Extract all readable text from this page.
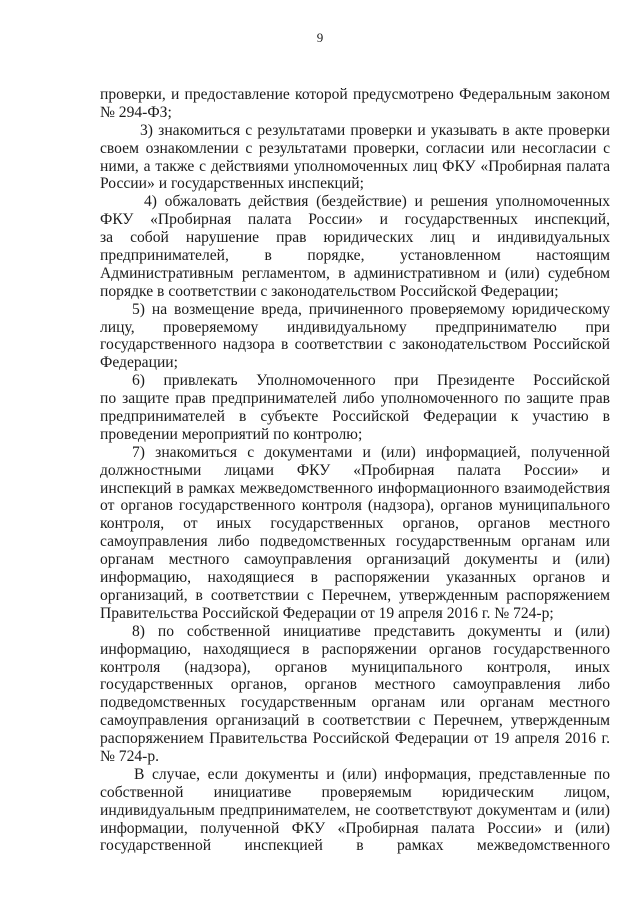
9
проверки, и предоставление которой предусмотрено Федеральным законом
№ 294-ФЗ;
3) знакомиться с результатами проверки и указывать в акте проверки
своем ознакомлении с результатами проверки, согласии или несогласии с
ними, а также с действиями уполномоченных лиц ФКУ «Пробирная палата
России» и государственных инспекций;
4) обжаловать действия (бездействие) и решения уполномоченных
ФКУ «Пробирная палата России» и государственных инспекций,
за собой нарушение прав юридических лиц и индивидуальных
предпринимателей, в порядке, установленном настоящим
Административным регламентом, в административном и (или) судебном
порядке в соответствии с законодательством Российской Федерации;
5) на возмещение вреда, причиненного проверяемому юридическому
лицу, проверяемому индивидуальному предпринимателю при
государственного надзора в соответствии с законодательством Российской
Федерации;
6) привлекать Уполномоченного при Президенте Российской
по защите прав предпринимателей либо уполномоченного по защите прав
предпринимателей в субъекте Российской Федерации к участию в
проведении мероприятий по контролю;
7) знакомиться с документами и (или) информацией, полученной
должностными лицами ФКУ «Пробирная палата России» и
инспекций в рамках межведомственного информационного взаимодействия
от органов государственного контроля (надзора), органов муниципального
контроля, от иных государственных органов, органов местного
самоуправления либо подведомственных государственным органам или
органам местного самоуправления организаций документы и (или)
информацию, находящиеся в распоряжении указанных органов и
организаций, в соответствии с Перечнем, утвержденным распоряжением
Правительства Российской Федерации от 19 апреля 2016 г. № 724-р;
8) по собственной инициативе представить документы и (или)
информацию, находящиеся в распоряжении органов государственного
контроля (надзора), органов муниципального контроля, иных
государственных органов, органов местного самоуправления либо
подведомственных государственным органам или органам местного
самоуправления организаций в соответствии с Перечнем, утвержденным
распоряжением Правительства Российской Федерации от 19 апреля 2016 г.
№ 724-р.
В случае, если документы и (или) информация, представленные по
собственной инициативе проверяемым юридическим лицом,
индивидуальным предпринимателем, не соответствуют документам и (или)
информации, полученной ФКУ «Пробирная палата России» и (или)
государственной инспекцией в рамках межведомственного
